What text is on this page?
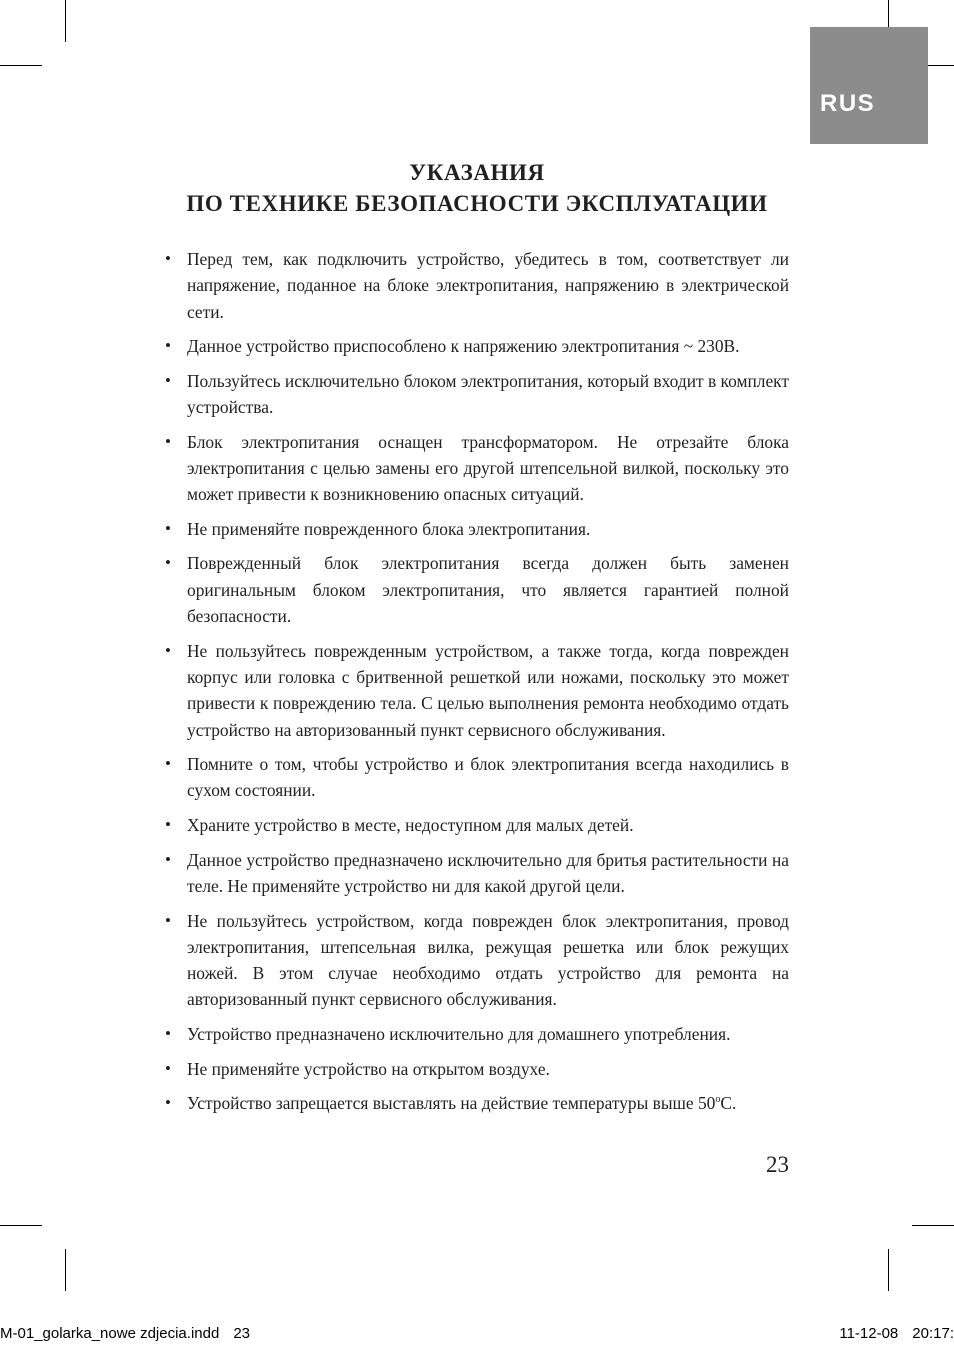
RUS
УКАЗАНИЯ
ПО ТЕХНИКЕ БЕЗОПАСНОСТИ ЭКСПЛУАТАЦИИ
• Перед тем, как подключить устройство, убедитесь в том, соответствует ли напряжение, поданное на блоке электропитания, напряжению в электрической сети.
• Данное устройство приспособлено к напряжению электропитания ~ 230В.
• Пользуйтесь исключительно блоком электропитания, который входит в комплект устройства.
• Блок электропитания оснащен трансформатором. Не отрезайте блока электропитания с целью замены его другой штепсельной вилкой, поскольку это может привести к возникновению опасных ситуаций.
• Не применяйте поврежденного блока электропитания.
• Поврежденный блок электропитания всегда должен быть заменен оригинальным блоком электропитания, что является гарантией полной безопасности.
• Не пользуйтесь поврежденным устройством, а также тогда, когда поврежден корпус или головка с бритвенной решеткой или ножами, поскольку это может привести к повреждению тела. С целью выполнения ремонта необходимо отдать устройство на авторизованный пункт сервисного обслуживания.
• Помните о том, чтобы устройство и блок электропитания всегда находились в сухом состоянии.
• Храните устройство в месте, недоступном для малых детей.
• Данное устройство предназначено исключительно для бритья растительности на теле. Не применяйте устройство ни для какой другой цели.
• Не пользуйтесь устройством, когда поврежден блок электропитания, провод электропитания, штепсельная вилка, режущая решетка или блок режущих ножей. В этом случае необходимо отдать устройство для ремонта на авторизованный пункт сервисного обслуживания.
• Устройство предназначено исключительно для домашнего употребления.
• Не применяйте устройство на открытом воздухе.
• Устройство запрещается выставлять на действие температуры выше 50$^o$C.
23
M-01_golarka_nowe zdjecia.indd 23	11-12-08 20:17:
